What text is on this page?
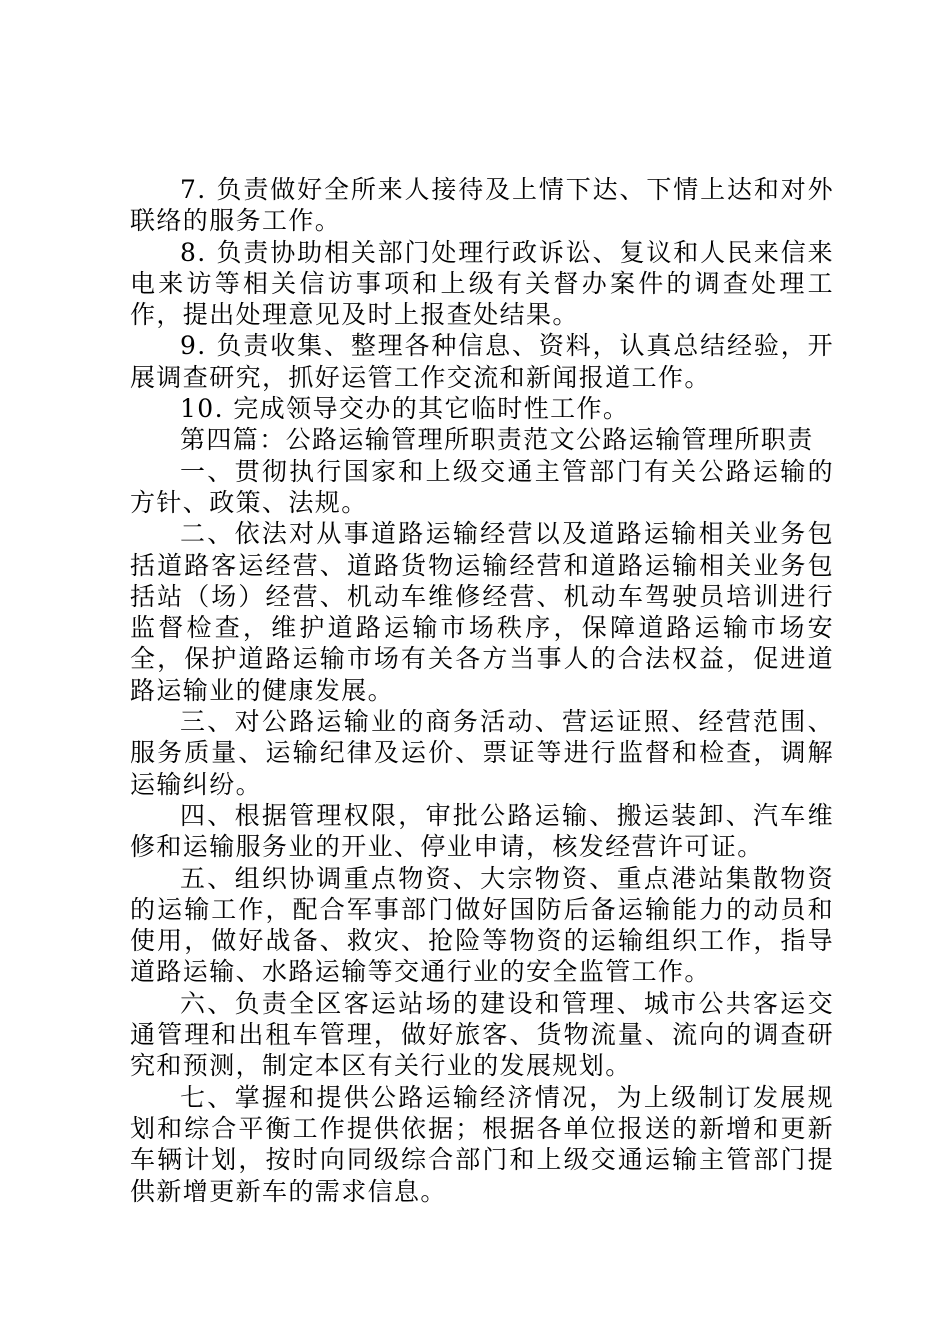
7. 负责做好全所来人接待及上情下达、下情上达和对外联络的服务工作。

8. 负责协助相关部门处理行政诉讼、复议和人民来信来电来访等相关信访事项和上级有关督办案件的调查处理工作，提出处理意见及时上报查处结果。

9. 负责收集、整理各种信息、资料，认真总结经验，开展调查研究，抓好运管工作交流和新闻报道工作。

10. 完成领导交办的其它临时性工作。

第四篇：公路运输管理所职责范文公路运输管理所职责

一、贯彻执行国家和上级交通主管部门有关公路运输的方针、政策、法规。

二、依法对从事道路运输经营以及道路运输相关业务包括道路客运经营、道路货物运输经营和道路运输相关业务包括站（场）经营、机动车维修经营、机动车驾驶员培训进行监督检查，维护道路运输市场秩序，保障道路运输市场安全，保护道路运输市场有关各方当事人的合法权益，促进道路运输业的健康发展。

三、对公路运输业的商务活动、营运证照、经营范围、服务质量、运输纪律及运价、票证等进行监督和检查，调解运输纠纷。

四、根据管理权限，审批公路运输、搬运装卸、汽车维修和运输服务业的开业、停业申请，核发经营许可证。

五、组织协调重点物资、大宗物资、重点港站集散物资的运输工作，配合军事部门做好国防后备运输能力的动员和使用，做好战备、救灾、抢险等物资的运输组织工作，指导道路运输、水路运输等交通行业的安全监管工作。

六、负责全区客运站场的建设和管理、城市公共客运交通管理和出租车管理，做好旅客、货物流量、流向的调查研究和预测，制定本区有关行业的发展规划。

七、掌握和提供公路运输经济情况，为上级制订发展规划和综合平衡工作提供依据；根据各单位报送的新增和更新车辆计划，按时向同级综合部门和上级交通运输主管部门提供新增更新车的需求信息。
